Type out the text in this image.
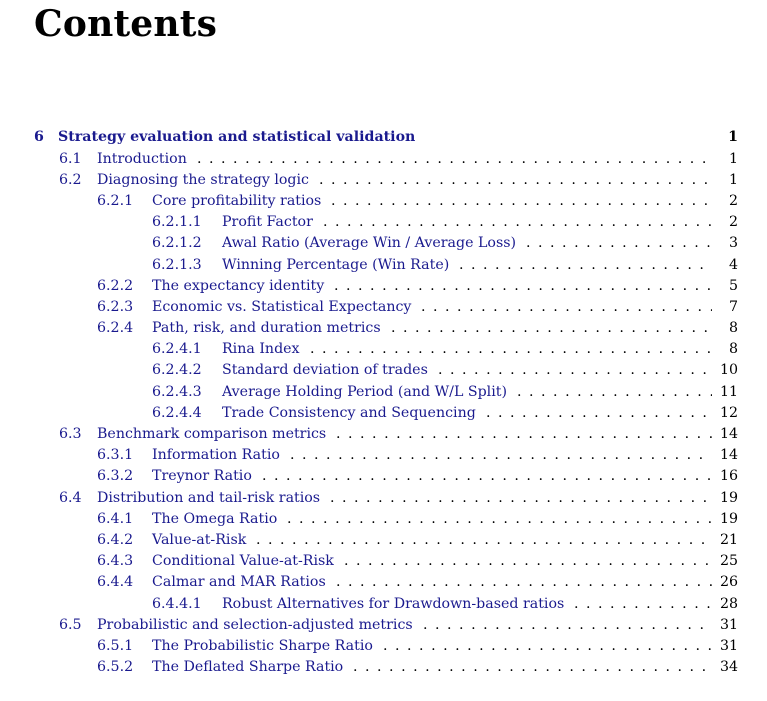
Contents
6 Strategy evaluation and statistical validation	1
6.1 Introduction . . .	1
6.2 Diagnosing the strategy logic . . .	1
6.2.1 Core profitability ratios . . .	2
6.2.1.1 Profit Factor . . .	2
6.2.1.2 Awal Ratio (Average Win / Average Loss) . . .	3
6.2.1.3 Winning Percentage (Win Rate) . . .	4
6.2.2 The expectancy identity . . .	5
6.2.3 Economic vs. Statistical Expectancy . . .	7
6.2.4 Path, risk, and duration metrics . . .	8
6.2.4.1 Rina Index . . .	8
6.2.4.2 Standard deviation of trades . . .	10
6.2.4.3 Average Holding Period (and W/L Split) . . .	11
6.2.4.4 Trade Consistency and Sequencing . . .	12
6.3 Benchmark comparison metrics . . .	14
6.3.1 Information Ratio . . .	14
6.3.2 Treynor Ratio . . .	16
6.4 Distribution and tail-risk ratios . . .	19
6.4.1 The Omega Ratio . . .	19
6.4.2 Value-at-Risk . . .	21
6.4.3 Conditional Value-at-Risk . . .	25
6.4.4 Calmar and MAR Ratios . . .	26
6.4.4.1 Robust Alternatives for Drawdown-based ratios . . .	28
6.5 Probabilistic and selection-adjusted metrics . . .	31
6.5.1 The Probabilistic Sharpe Ratio . . .	31
6.5.2 The Deflated Sharpe Ratio . . .	34
